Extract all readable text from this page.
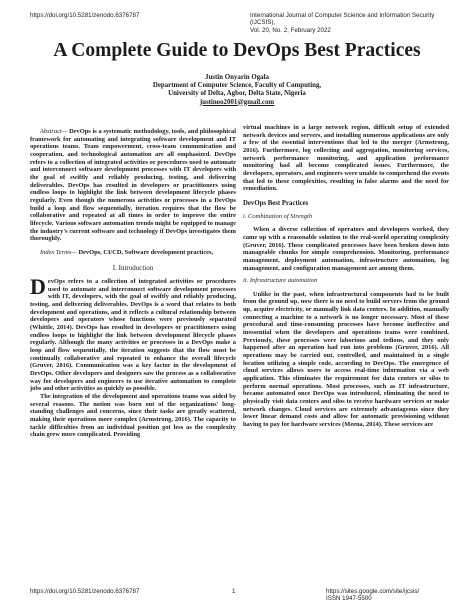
https://doi.org/10.5281/zenodo.6376787	International Journal of Computer Science and Information Security (IJCSIS),
Vol. 20, No. 2, February 2022
A Complete Guide to DevOps Best Practices
Justin Onyarin Ogala
Department of Computer Science, Faculty of Computing,
University of Delta, Agbor, Delta State, Nigeria
justinoo2001@gmail.com

Abstract— DevOps is a systematic methodology, tools, and philosophical framework for automating and integrating software development and IT operations teams. Team empowerment, cross-team communication and cooperation, and technological automation are all emphasized. DevOps refers to a collection of integrated activities or procedures used to automate and interconnect software development processes with IT developers with the goal of swiftly and reliably producing, testing, and delivering deliverables. DevOps has resulted in developers or practitioners using endless loops to highlight the link between development lifecycle phases regularly. Even though the numerous activities or processes in a DevOps build a loop and flow sequentially, iteration requires that the flow be collaborative and repeated at all times in order to improve the entire lifecycle. Various software automation trends might be equipped to manage the industry's current software and technology if DevOps investigates them thoroughly.

Index Terms— DevOps, CI/CD, Software development practices,

I. Introduction

DevOps refers to a collection of integrated activities or procedures used to automate and interconnect software development processes with IT, developers, with the goal of swiftly and reliably producing, testing, and delivering deliverables. DevOps is a word that relates to both development and operations, and it reflects a cultural relationship between developers and operators whose functions were previously separated (Whittle, 2014). DevOps has resulted in developers or practitioners using endless loops to highlight the link between development lifecycle phases regularly. Although the many activities or processes in a DevOps make a loop and flow sequentially, the iteration suggests that the flow must be continually collaborative and repeated to enhance the overall lifecycle (Gruver, 2016). Communication was a key factor in the development of DevOps. Other developers and designers saw the process as a collaborative way for developers and engineers to use iterative automation to complete jobs and other activities as quickly as possible.

The integration of the development and operations teams was aided by several reasons. The notion was born out of the organizations' long-standing challenges and concerns, since their tasks are greatly scattered, making their operations more complex (Armstrong, 2016). The capacity to tackle difficulties from an individual position got less as the complexity chain grew more complicated. Providing

virtual machines in a large network region, difficult setup of extended network devices and servers, and installing numerous applications are only a few of the essential interventions that led to the merger (Armstrong, 2016). Furthermore, log collecting and aggregation, monitoring services, network performance monitoring, and application performance monitoring had all become complicated issues. Furthermore, the developers, operators, and engineers were unable to comprehend the events that led to these complexities, resulting in false alarms and the need for remediation.

DevOps Best Practices
i. Combination of Strength

When a diverse collection of operators and developers worked, they came up with a reasonable solution to the real-world operating complexity (Gruver, 2016). These complicated processes have been broken down into manageable chunks for simple comprehension. Monitoring, performance management, deployment automation, infrastructure automation, log management, and configuration management are among them.

ii. Infrastructure automation

Unlike in the past, when infrastructural components had to be built from the ground up, now there is no need to build servers from the ground up, acquire electricity, or manually link data centers. In addition, manually connecting a machine to a network is no longer necessary. Most of these procedural and time-consuming processes have become ineffective and inessential when the developers and operations teams were combined. Previously, these processes were laborious and tedious, and they only happened after an operation had run into problems (Gruver, 2016). All operations may be carried out, controlled, and maintained in a single location utilizing a simple code, according to DevOps. The emergence of cloud services allows users to access real-time information via a web application. This eliminates the requirement for data centers or silos to perform normal operations. Most processes, such as IT infrastructure, became automated once DevOps was introduced, eliminating the need to physically visit data centers and silos to receive hardware services or make network changes. Cloud services are extremely advantageous since they lower linear demand costs and allow for automatic provisioning without having to pay for hardware services (Meena, 2014). These services are

https://doi.org/10.5281/zenodo.6376787	1	https://sites.google.com/site/ijcsis/
ISSN 1947-5500
